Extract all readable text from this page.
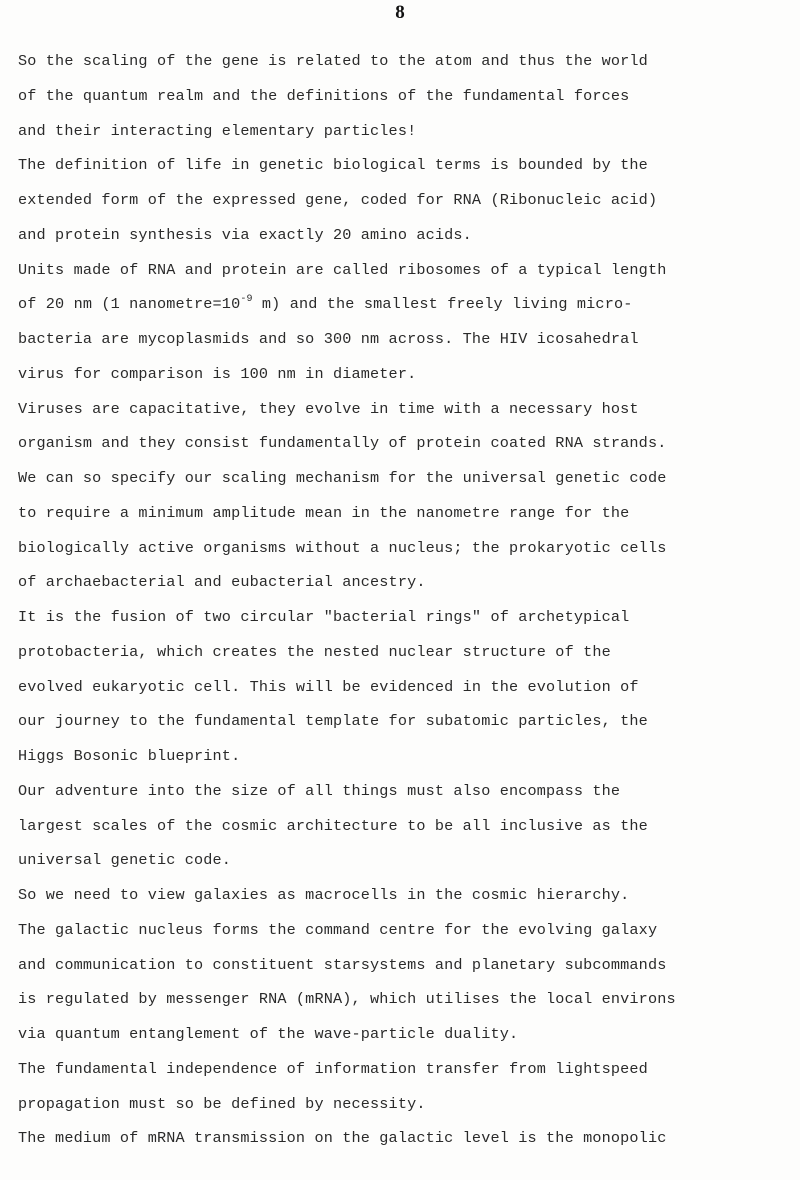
8
So the scaling of the gene is related to the atom and thus the world
of the quantum realm and the definitions of the fundamental forces
and their interacting elementary particles!
The definition of life in genetic biological terms is bounded by the
extended form of the expressed gene, coded for RNA (Ribonucleic acid)
and protein synthesis via exactly 20 amino acids.
Units made of RNA and protein are called ribosomes of a typical length
of 20 nm (1 $nanometre=10^{-9}$ m) and the smallest freely living micro-
bacteria are mycoplasmids and so 300 nm across. The HIV icosahedral
virus for comparison is 100 nm in diameter.
Viruses are capacitative, they evolve in time with a necessary host
organism and they consist fundamentally of protein coated RNA strands.
We can so specify our scaling mechanism for the universal genetic code
to require a minimum amplitude mean in the nanometre range for the
biologically active organisms without a nucleus; the prokaryotic cells
of archaebacterial and eubacterial ancestry.
It is the fusion of two circular "bacterial rings" of archetypical
protobacteria, which creates the nested nuclear structure of the
evolved eukaryotic cell. This will be evidenced in the evolution of
our journey to the fundamental template for subatomic particles, the
Higgs Bosonic blueprint.
Our adventure into the size of all things must also encompass the
largest scales of the cosmic architecture to be all inclusive as the
universal genetic code.
So we need to view galaxies as macrocells in the cosmic hierarchy.
The galactic nucleus forms the command centre for the evolving galaxy
and communication to constituent starsystems and planetary subcommands
is regulated by messenger RNA (mRNA), which utilises the local environs
via quantum entanglement of the wave-particle duality.
The fundamental independence of information transfer from lightspeed
propagation must so be defined by necessity.
The medium of mRNA transmission on the galactic level is the monopolic
